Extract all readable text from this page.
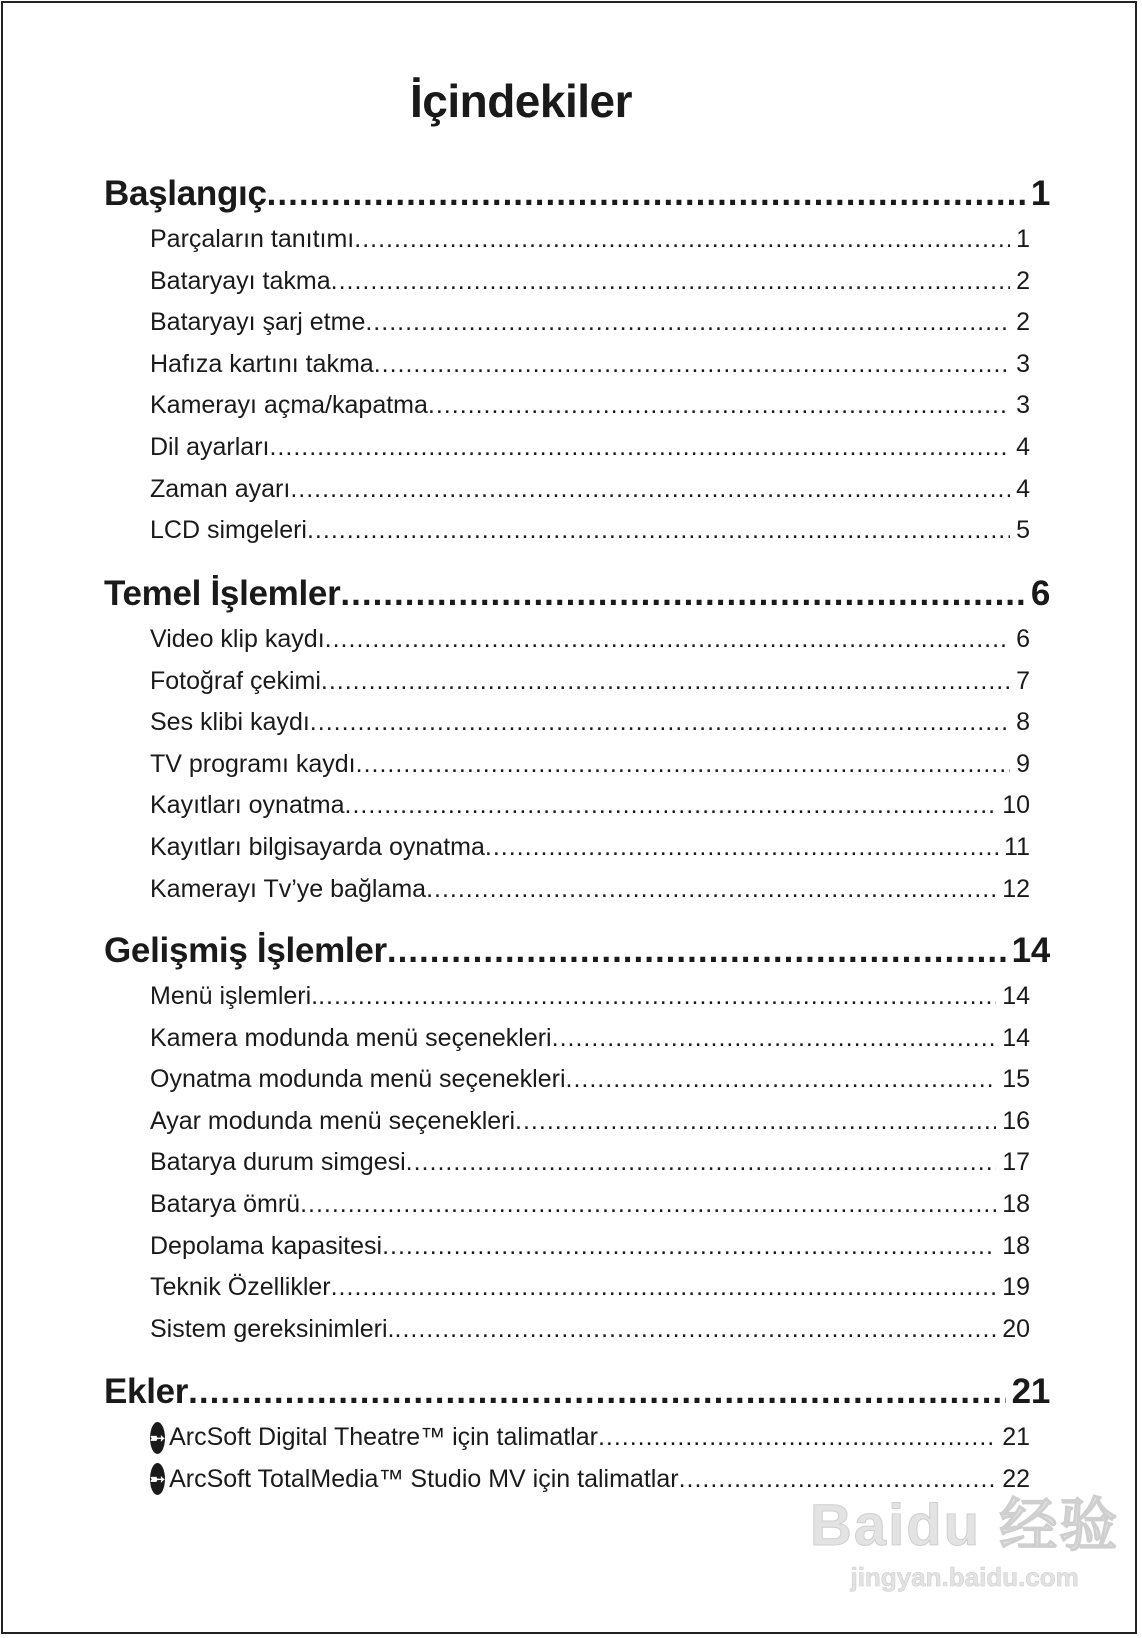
İçindekiler
Başlangıç .....	1
Parçaların tanıtımı .....	1
Bataryayı takma .....	2
Bataryayı şarj etme .....	2
Hafıza kartını takma .....	3
Kamerayı açma/kapatma .....	3
Dil ayarları .....	4
Zaman ayarı .....	4
LCD simgeleri .....	5
Temel İşlemler .....	6
Video klip kaydı .....	6
Fotoğraf çekimi .....	7
Ses klibi kaydı .....	8
TV programı kaydı .....	9
Kayıtları oynatma .....	10
Kayıtları bilgisayarda oynatma .....	11
Kamerayı Tv’ye bağlama .....	12
Gelişmiş İşlemler .....	14
Menü işlemleri. .....	14
Kamera modunda menü seçenekleri .....	14
Oynatma modunda menü seçenekleri .....	15
Ayar modunda menü seçenekleri .....	16
Batarya durum simgesi .....	17
Batarya ömrü .....	18
Depolama kapasitesi .....	18
Teknik Özellikler .....	19
Sistem gereksinimleri. .....	20
Ekler .....	21
➸ ArcSoft Digital Theatre™ için talimatlar .....	21
➸ ArcSoft TotalMedia™ Studio MV için talimatlar .....	22
Baidu 经验
jingyan.baidu.com
